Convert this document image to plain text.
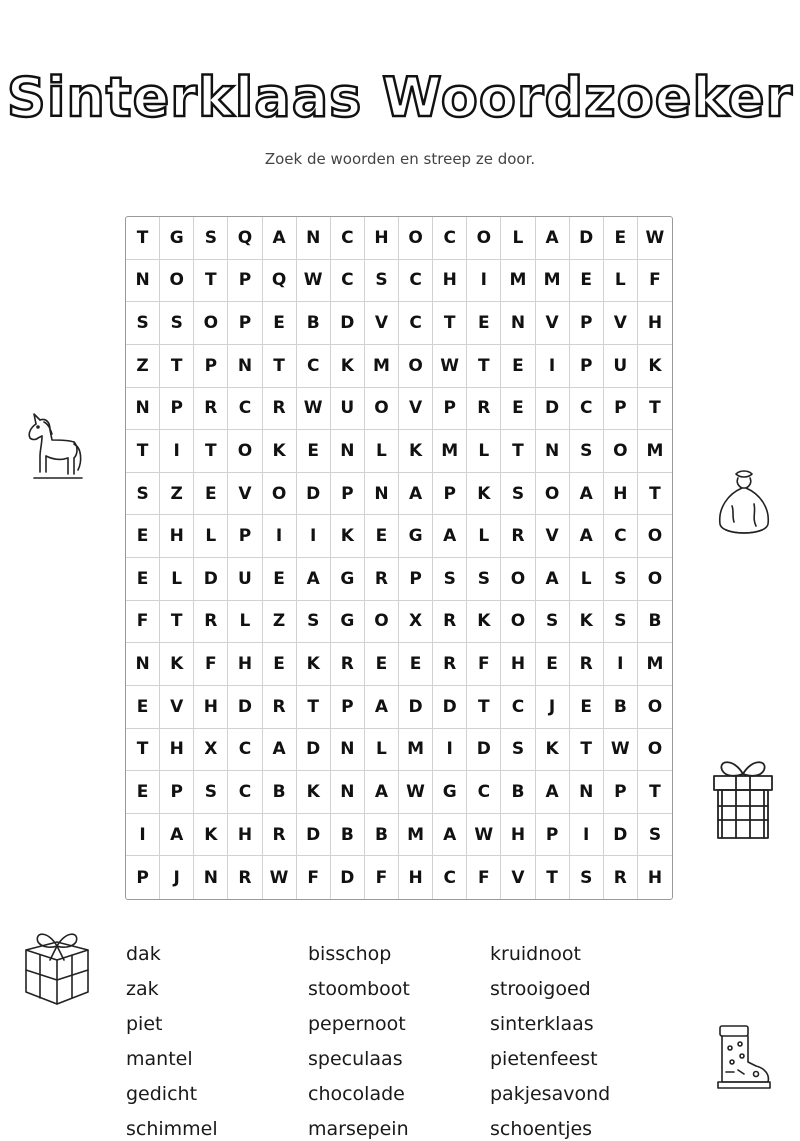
Sinterklaas Woordzoeker
Zoek de woorden en streep ze door.
T	G	S	Q	A	N	C	H	O	C	O	L	A	D	E	W
N	O	T	P	Q	W	C	S	C	H	I	M	M	E	L	F
S	S	O	P	E	B	D	V	C	T	E	N	V	P	V	H
Z	T	P	N	T	C	K	M	O	W	T	E	I	P	U	K
N	P	R	C	R	W	U	O	V	P	R	E	D	C	P	T
T	I	T	O	K	E	N	L	K	M	L	T	N	S	O	M
S	Z	E	V	O	D	P	N	A	P	K	S	O	A	H	T
E	H	L	P	I	I	K	E	G	A	L	R	V	A	C	O
E	L	D	U	E	A	G	R	P	S	S	O	A	L	S	O
F	T	R	L	Z	S	G	O	X	R	K	O	S	K	S	B
N	K	F	H	E	K	R	E	E	R	F	H	E	R	I	M
E	V	H	D	R	T	P	A	D	D	T	C	J	E	B	O
T	H	X	C	A	D	N	L	M	I	D	S	K	T	W	O
E	P	S	C	B	K	N	A	W	G	C	B	A	N	P	T
I	A	K	H	R	D	B	B	M	A	W	H	P	I	D	S
P	J	N	R	W	F	D	F	H	C	F	V	T	S	R	H
dak	bisschop	kruidnoot
zak	stoomboot	strooigoed
piet	pepernoot	sinterklaas
mantel	speculaas	pietenfeest
gedicht	chocolade	pakjesavond
schimmel	marsepein	schoentjes
